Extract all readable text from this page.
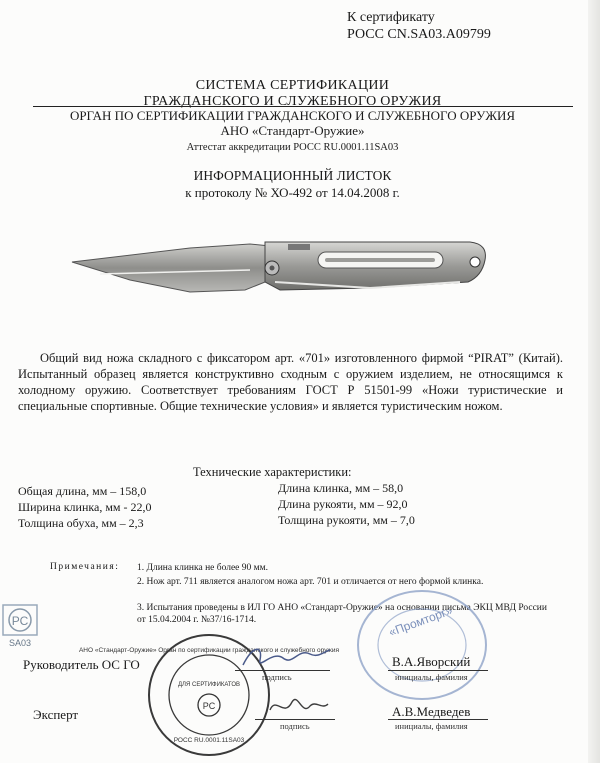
К сертификату
РОСС CN.SA03.A09799
СИСТЕМА СЕРТИФИКАЦИИ
ГРАЖДАНСКОГО И СЛУЖЕБНОГО ОРУЖИЯ
ОРГАН ПО СЕРТИФИКАЦИИ ГРАЖДАНСКОГО И СЛУЖЕБНОГО ОРУЖИЯ
АНО «Стандарт-Оружие»
Аттестат аккредитации РОСС RU.0001.11SA03
ИНФОРМАЦИОННЫЙ ЛИСТОК
к протоколу № ХО-492 от 14.04.2008 г.
Общий вид ножа складного с фиксатором арт. «701» изготовленного фирмой “PIRAT” (Китай). Испытанный образец является конструктивно сходным с оружием изделием, не относящимся к холодному оружию. Соответствует требованиям ГОСТ Р 51501-99 «Ножи туристические и специальные спортивные. Общие технические условия» и является туристическим ножом.
Технические характеристики:
Общая длина, мм – 158,0
Ширина клинка, мм - 22,0
Толщина обуха, мм – 2,3
Длина клинка, мм – 58,0
Длина рукояти, мм – 92,0
Толщина рукояти, мм – 7,0
Примечания: 1. Длина клинка не более 90 мм.
2. Нож арт. 711 является аналогом ножа арт. 701 и отличается от него формой клинка.
3. Испытания проведены в ИЛ ГО АНО «Стандарт-Оружие» на основании письма ЭКЦ МВД России от 15.04.2004 г. №37/16-1714.
РС
SA03
«Промторг»
АНО «Стандарт-Оружие» Орган по сертификации гражданского и служебного оружия
ДЛЯ СЕРТИФИКАТОВ
РС
РОСС RU.0001.11SA03
Руководитель ОС ГО
подпись
В.А.Яворский
инициалы, фамилия
Эксперт
подпись
А.В.Медведев
инициалы, фамилия
